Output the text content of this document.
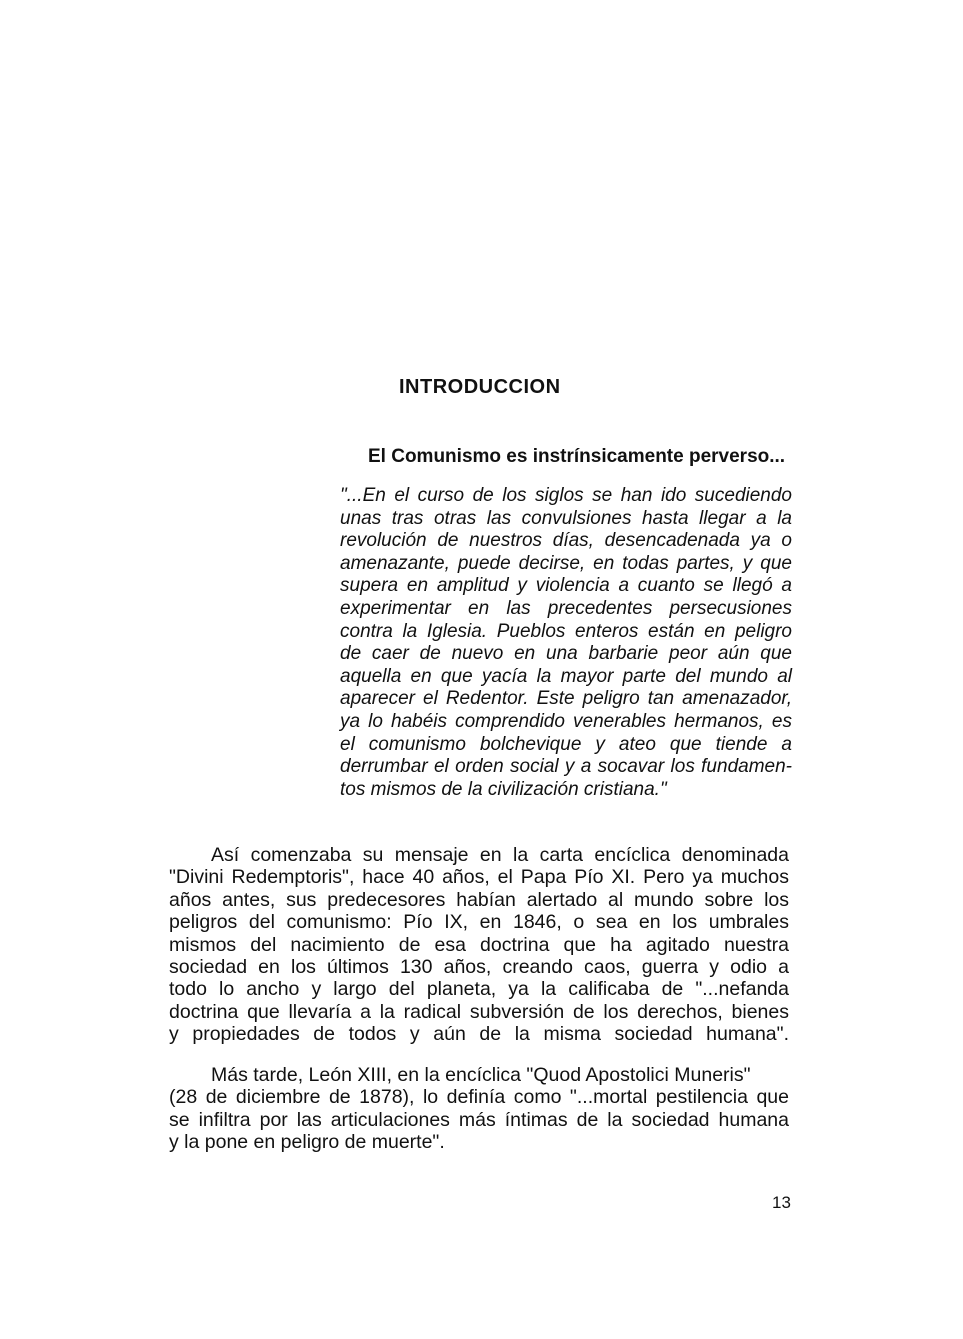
INTRODUCCION
El Comunismo es instrínsicamente perverso...
"...En el curso de los siglos se han ido sucediendo
unas tras otras las convulsiones hasta llegar a la
revolución de nuestros días, desencadenada ya o
amenazante, puede decirse, en todas partes, y que
supera en amplitud y violencia a cuanto se llegó a
experimentar en las precedentes persecusiones
contra la Iglesia. Pueblos enteros están en peligro
de caer de nuevo en una barbarie peor aún que
aquella en que yacía la mayor parte del mundo al
aparecer el Redentor. Este peligro tan amenazador,
ya lo habéis comprendido venerables hermanos, es
el comunismo bolchevique y ateo que tiende a
derrumbar el orden social y a socavar los fundamen-
tos mismos de la civilización cristiana."
Así comenzaba su mensaje en la carta encíclica denominada
"Divini Redemptoris", hace 40 años, el Papa Pío XI. Pero ya muchos
años antes, sus predecesores habían alertado al mundo sobre los
peligros del comunismo: Pío IX, en 1846, o sea en los umbrales
mismos del nacimiento de esa doctrina que ha agitado nuestra
sociedad en los últimos 130 años, creando caos, guerra y odio a
todo lo ancho y largo del planeta, ya la calificaba de "...nefanda
doctrina que llevaría a la radical subversión de los derechos, bienes
y propiedades de todos y aún de la misma sociedad humana".
Más tarde, León XIII, en la encíclica "Quod Apostolici Muneris"
(28 de diciembre de 1878), lo definía como "...mortal pestilencia que
se infiltra por las articulaciones más íntimas de la sociedad humana
y la pone en peligro de muerte".

13
